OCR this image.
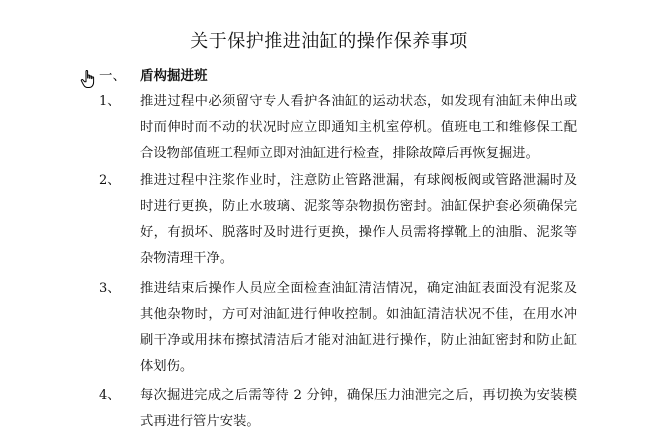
关于保护推进油缸的操作保养事项
一、 盾构掘进班
1、 推进过程中必须留守专人看护各油缸的运动状态，如发现有油缸未伸出或时而伸时而不动的状况时应立即通知主机室停机。值班电工和维修保工配合设物部值班工程师立即对油缸进行检查，排除故障后再恢复掘进。
2、 推进过程中注浆作业时，注意防止管路泄漏，有球阀板阀或管路泄漏时及时进行更换，防止水玻璃、泥浆等杂物损伤密封。油缸保护套必须确保完好，有损坏、脱落时及时进行更换，操作人员需将撑靴上的油脂、泥浆等杂物清理干净。
3、 推进结束后操作人员应全面检查油缸清洁情况，确定油缸表面没有泥浆及其他杂物时，方可对油缸进行伸收控制。如油缸清洁状况不佳，在用水冲刷干净或用抹布擦拭清洁后才能对油缸进行操作，防止油缸密封和防止缸体划伤。
4、 每次掘进完成之后需等待 2 分钟，确保压力油泄完之后，再切换为安装模式再进行管片安装。
